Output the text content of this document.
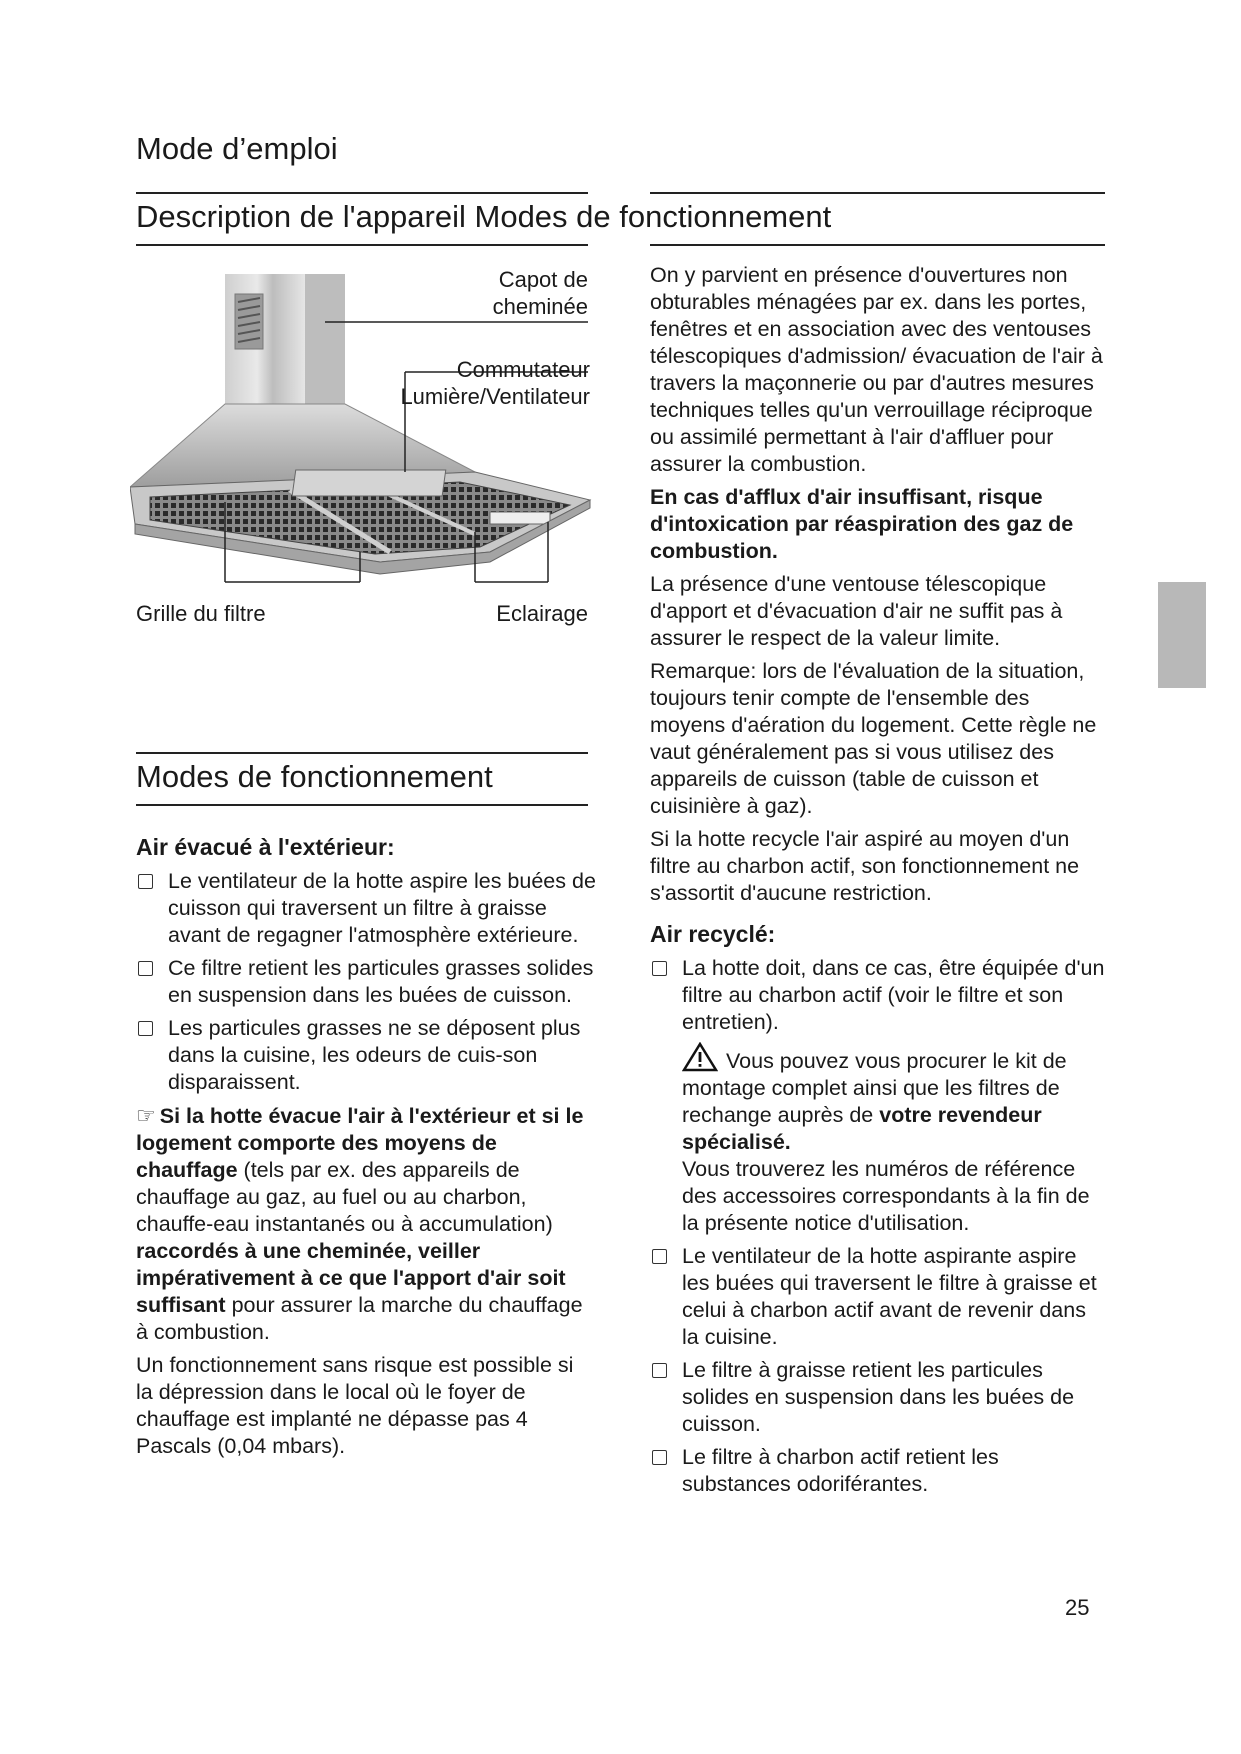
Mode d’emploi
Description de l'appareil Modes de fonctionnement
Capot de
cheminée
Commutateur
Lumière/Ventilateur
Grille du filtre	Eclairage
Modes de fonctionnement
Air évacué à l'extérieur:
Le ventilateur de la hotte aspire les buées de cuisson qui traversent un filtre à graisse avant de regagner l'atmosphère extérieure.
Ce filtre retient les particules grasses solides en suspension dans les buées de cuisson.
Les particules grasses ne se déposent plus dans la cuisine, les odeurs de cuis-son disparaissent.

☞ Si la hotte évacue l'air à l'extérieur et si le logement comporte des moyens de chauffage (tels par ex. des appareils de chauffage au gaz, au fuel ou au charbon, chauffe-eau instantanés ou à accumulation) raccordés à une cheminée, veiller impérativement à ce que l'apport d'air soit suffisant pour assurer la marche du chauffage à combustion.

Un fonctionnement sans risque est possible si la dépression dans le local où le foyer de chauffage est implanté ne dépasse pas 4 Pascals (0,04 mbars).

On y parvient en présence d'ouvertures non obturables ménagées par ex. dans les portes, fenêtres et en association avec des ventouses télescopiques d'admission/ évacuation de l'air à travers la maçonnerie ou par d'autres mesures techniques telles qu'un verrouillage réciproque ou assimilé permettant à l'air d'affluer pour assurer la combustion.

En cas d'afflux d'air insuffisant, risque d'intoxication par réaspiration des gaz de combustion.

La présence d'une ventouse télescopique d'apport et d'évacuation d'air ne suffit pas à assurer le respect de la valeur limite.

Remarque: lors de l'évaluation de la situation, toujours tenir compte de l'ensemble des moyens d'aération du logement. Cette règle ne vaut généralement pas si vous utilisez des appareils de cuisson (table de cuisson et cuisinière à gaz).

Si la hotte recycle l'air aspiré au moyen d'un filtre au charbon actif, son fonctionnement ne s'assortit d'aucune restriction.

Air recyclé:
La hotte doit, dans ce cas, être équipée d'un filtre au charbon actif (voir le filtre et son entretien).
Vous pouvez vous procurer le kit de montage complet ainsi que les filtres de rechange auprès de votre revendeur spécialisé.
Vous trouverez les numéros de référence des accessoires correspondants à la fin de la présente notice d'utilisation.
Le ventilateur de la hotte aspirante aspire les buées qui traversent le filtre à graisse et celui à charbon actif avant de revenir dans la cuisine.
Le filtre à graisse retient les particules solides en suspension dans les buées de cuisson.
Le filtre à charbon actif retient les substances odoriférantes.
25
